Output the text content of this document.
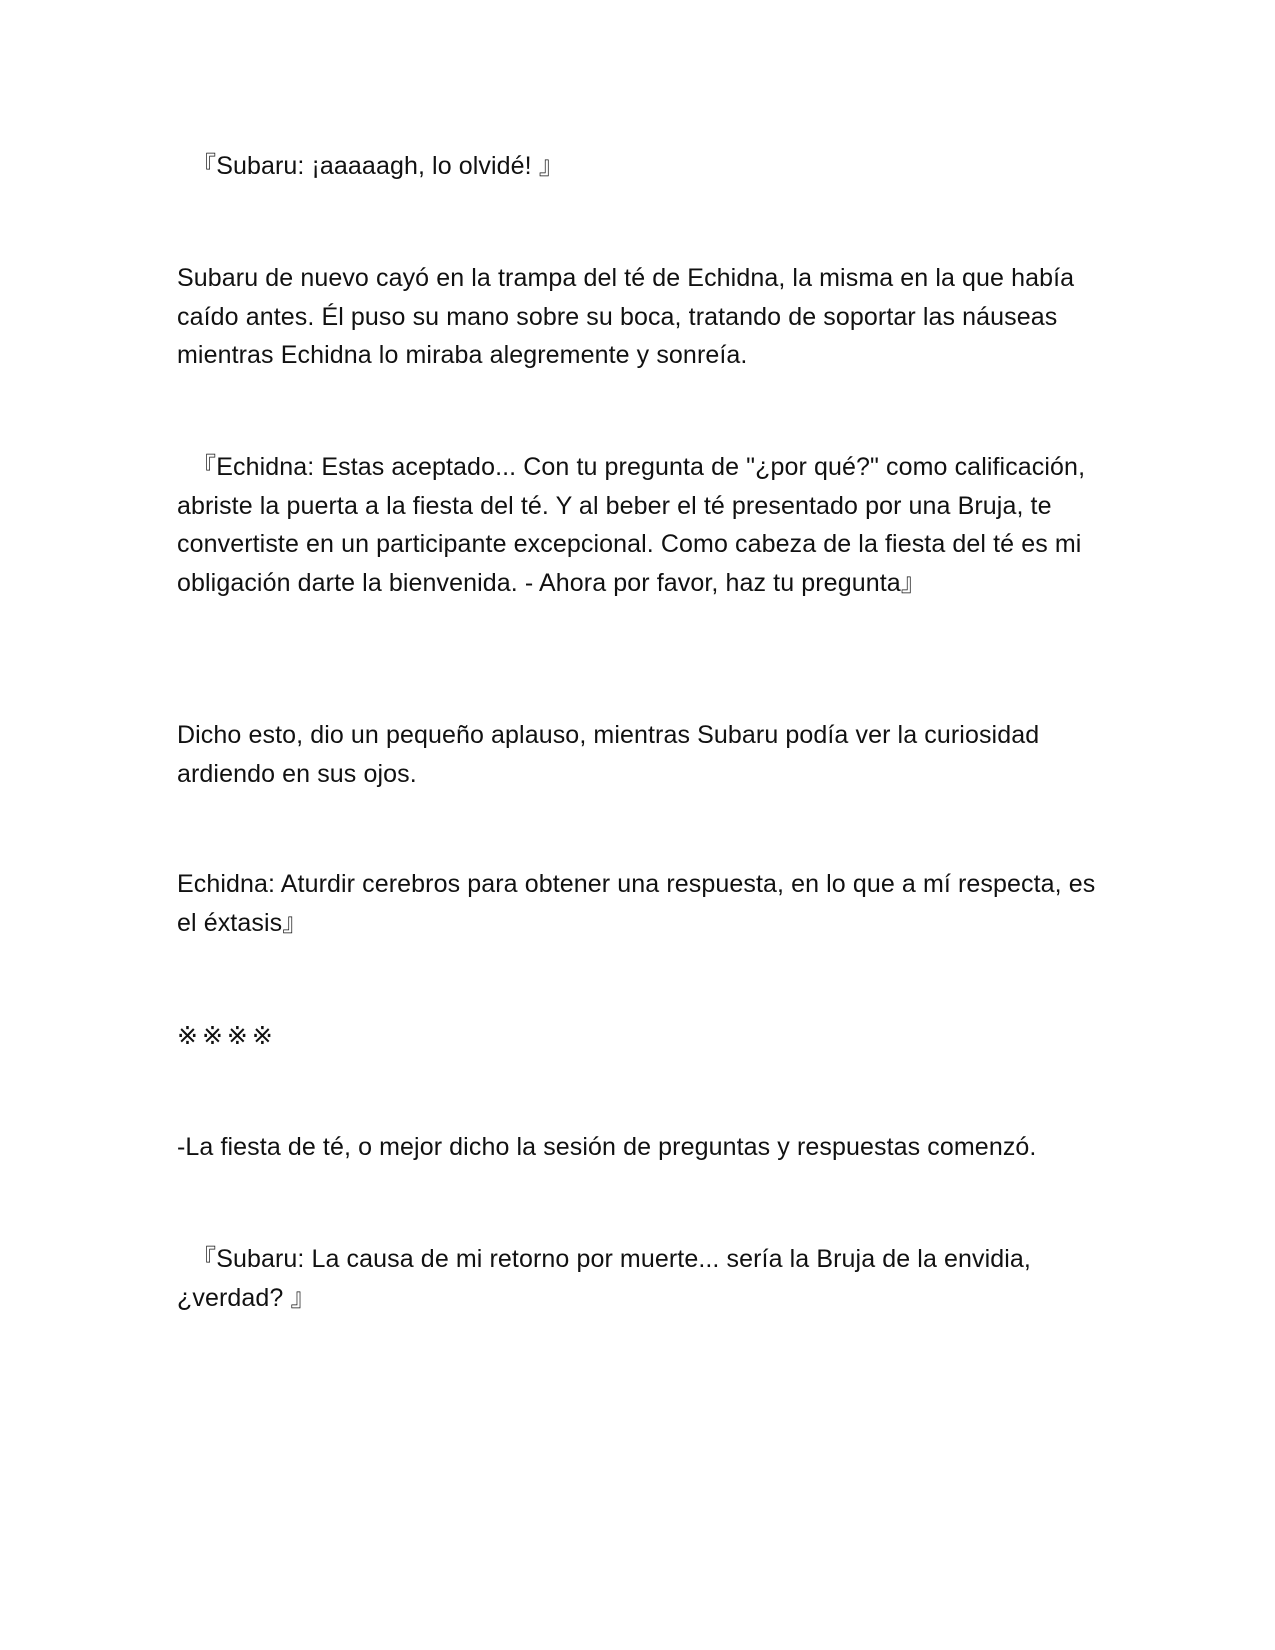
『Subaru: ¡aaaaagh, lo olvidé! 』

Subaru de nuevo cayó en la trampa del té de Echidna, la misma en la que había caído antes. Él puso su mano sobre su boca, tratando de soportar las náuseas mientras Echidna lo miraba alegremente y sonreía.

『Echidna: Estas aceptado... Con tu pregunta de "¿por qué?" como calificación, abriste la puerta a la fiesta del té. Y al beber el té presentado por una Bruja, te convertiste en un participante excepcional. Como cabeza de la fiesta del té es mi obligación darte la bienvenida. - Ahora por favor, haz tu pregunta』

Dicho esto, dio un pequeño aplauso, mientras Subaru podía ver la curiosidad ardiendo en sus ojos.

Echidna: Aturdir cerebros para obtener una respuesta, en lo que a mí respecta, es el éxtasis』

※※※※

-La fiesta de té, o mejor dicho la sesión de preguntas y respuestas comenzó.

『Subaru: La causa de mi retorno por muerte... sería la Bruja de la envidia, ¿verdad? 』
